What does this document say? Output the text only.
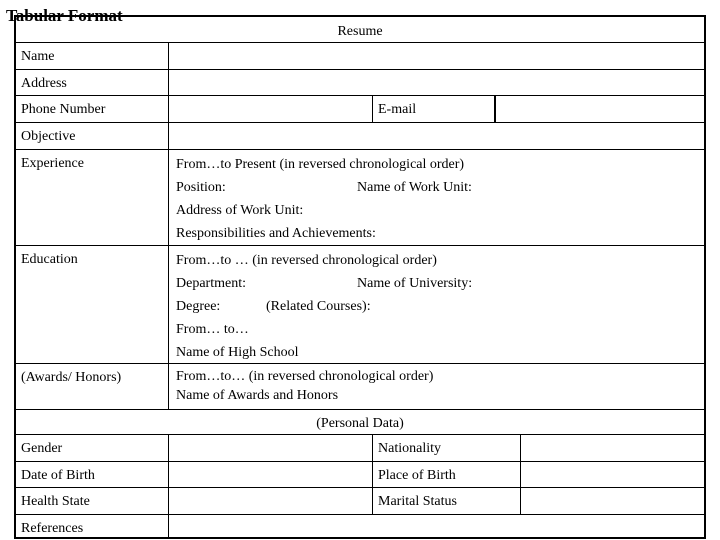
Tabular Format
Resume
Name
Address
Phone Number	E-mail
Objective
Experience	From…to Present (in reversed chronological order)
Position:	Name of Work Unit:
Address of Work Unit:
Responsibilities and Achievements:
Education	From…to … (in reversed chronological order)
Department:	Name of University:
Degree:	(Related Courses):
From… to…
Name of High School
(Awards/ Honors)	From…to… (in reversed chronological order)
Name of Awards and Honors
(Personal Data)
Gender	Nationality
Date of Birth	Place of Birth
Health State	Marital Status
References
